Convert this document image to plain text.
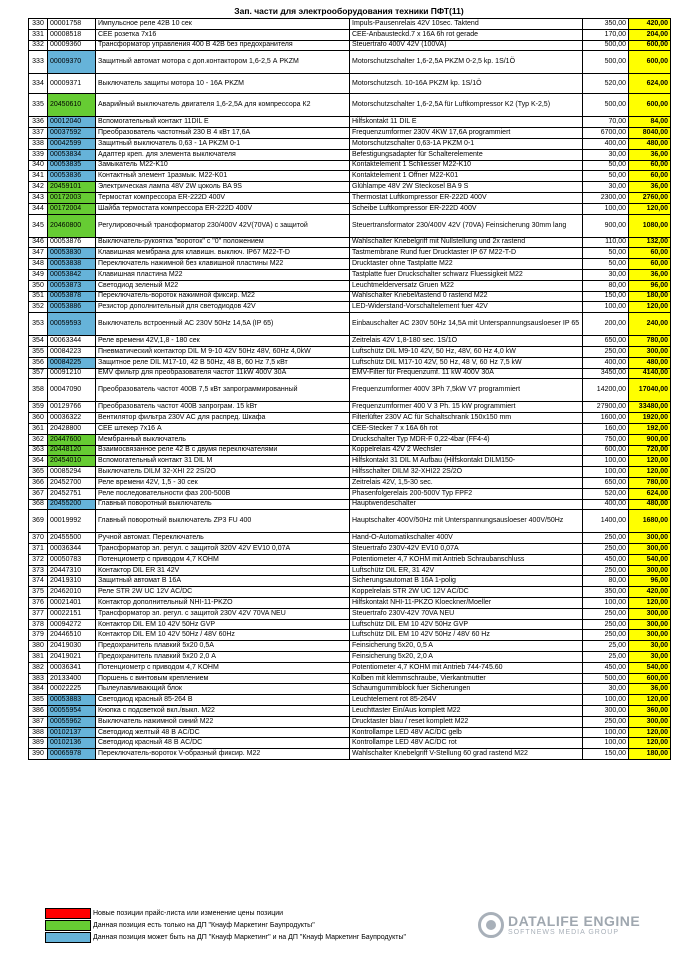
Зап. части для электрооборудования техники ПФТ(11)
330	00001758	Импульсное реле 42В 10 сек	Impuls-Pausenrelais 42V 10sec. Taktend	350,00	420,00
331	00008518	CEE розетка 7х16	CEE-Anbausteckd.7 x 16A 6h rot gerade	170,00	204,00
332	00009360	Трансформатор управления 400 В 42В без предохранителя	Steuertrafo 400V 42V (100VA)	500,00	600,00
333	00009370	Защитный автомат мотора с доп.контактором 1,6-2,5 А PKZM	Motorschutzschalter 1,6-2,5A PKZM 0-2,5 kp. 1S/1Ö	500,00	600,00
334	00009371	Выключатель защиты мотора 10 - 16А PKZM	Motorschutzsch. 10-16A PKZM kp. 1S/1Ö	520,00	624,00
335	20450610	Аварийный выключатель двигателя 1,6-2,5А для компрессора К2	Motorschutzschalter 1,6-2,5A für Luftkompressor K2 (Typ K-2,5)	500,00	600,00
336	00012040	Вспомогательный контакт 11DIL E	Hilfskontakt 11 DIL E	70,00	84,00
337	00037592	Преобразователь частотный 230 В 4 кВт 17,6А	Frequenzumformer 230V 4KW 17,6A programmiert	6700,00	8040,00
338	00042599	Защитный выключатель 0,63 - 1A PKZM 0-1	Motorschutzschalter 0,63-1A PKZM 0-1	400,00	480,00
339	00053834	Адаптер креп. для элемента выключателя	Befestigungsadapter für Schalterelemente	30,00	36,00
340	00053835	Замыкатель M22-K10	Kontaktelement 1 Schliesser M22-K10	50,00	60,00
341	00053836	Контактный элемент 1размык. M22-K01	Kontaktelement 1 Öffner M22-K01	50,00	60,00
342	20459101	Электрическая лампа 48V 2W цоколь BA 9S	Glühlampe 48V 2W Steckosel BA 9 S	30,00	36,00
343	00172003	Термостат компрессора ER-222D 400V	Thermostat Luftkompressor ER-222D 400V	2300,00	2760,00
344	00172004	Шайба термостата компрессора ER-222D 400V	Scheibe Luftkompressor ER-222D 400V	100,00	120,00
345	20460800	Регулировочный трансформатор 230/400V 42V(70VA) с защитой	Steuertransformator 230/400V 42V (70VA) Feinsicherung 30mm lang	900,00	1080,00
346	00053876	Выключатель-рукоятка "вороток" с "0" положением	Wahlschalter Knebelgriff mit Nullstellung und 2x rastend	110,00	132,00
347	00053830	Клавишная мембрана для клавишн. выключ. IP67 M22-T-D	Tastmembrane Rund fuer Drucktaster IP 67 M22-T-D	50,00	60,00
348	00053838	Переключатель нажимной без клавишной пластины M22	Drucktaster ohne Tastplatte M22	50,00	60,00
349	00053842	Клавишная пластина M22	Tastplatte fuer Druckschalter schwarz Fluessigkeit M22	30,00	36,00
350	00053873	Светодиод зеленый M22	Leuchtmelderversatz Gruen M22	80,00	96,00
351	00053878	Переключатель-вороток нажимной фиксир. M22	Wahlschalter Knebel/tastend 0 rastend M22	150,00	180,00
352	00053886	Резистор дополнительный для светодиодов 42V	LED-Widerstand-Vorschaltelement fuer 42V	100,00	120,00
353	00059593	Выключатель встроенный АС 230V 50Hz 14,5A (IP 65)	Einbauschalter AC 230V 50Hz 14,5A mit Unterspannungsausloeser IP 65	200,00	240,00
354	00063344	Реле времени 42V,1,8 - 180 сек	Zeitrelais 42V 1,8-180 sec. 1S/1Ö	650,00	780,00
355	00084223	Пневматический контактор DIL M 9-10 42V 50Hz 48V, 60Hz 4,0kW	Luftschütz DIL M9-10 42V, 50 Hz, 48V, 60 Hz 4,0 kW	250,00	300,00
356	00084225	Защитное реле DIL M17-10, 42 В 50Hz, 48 В, 60 Hz 7,5 кВт	Luftschütz DIL M17-10 42V, 50 Hz, 48 V, 60 Hz 7,5 kW	400,00	480,00
357	00091210	EMV фильтр для преобразователя частот 11kW 400V 30A	EMV-Filter für Frequenzumf. 11 kW 400V 30A	3450,00	4140,00
358	00047090	Преобразователь частот 400В 7,5 кВт запрограммированный	Frequenzumformer 400V 3Ph 7,5kW V7 programmiert	14200,00	17040,00
359	00129766	Преобразователь частот 400В запрограм. 15 kВт	Frequenzumformer 400 V 3 Ph. 15 kW programmiert	27900,00	33480,00
360	00036322	Вентилятор фильтра 230V AC для распред. Шкафа	Filterlüfter 230V AC für Schaltschrank 150x150 mm	1600,00	1920,00
361	20428800	CEE штекер 7х16 А	CEE-Stecker 7 x 16A 6h rot	160,00	192,00
362	20447600	Мембранный выключатель	Druckschalter Typ MDR-F 0,22-4bar (FF4-4)	750,00	900,00
363	20448120	Взаимосвязанное реле 42 В с двумя переключателями	Koppelrelais 42V 2 Wechsler	600,00	720,00
364	20454010	Вспомогательный контакт 31 DIL M	Hilfskontakt 31 DIL M Aufbau (Hilfskontakt DILM150-	100,00	120,00
365	00085294	Выключатель DILM 32-XHI 22 2S/2O	Hilfsschalter DILM 32-XHI22 2S/2Ö	100,00	120,00
366	20452700	Реле времени 42V, 1,5 - 30 сек	Zeitrelais 42V, 1,5-30 sec.	650,00	780,00
367	20452751	Реле последовательности фаз 200-500В	Phasenfolgerelais 200-500V Typ FPF2	520,00	624,00
368	20455200	Главный поворотный выключатель	Hauptwendeschalter	400,00	480,00
369	00019992	Главный поворотный выключатель ZP3 FU 400	Hauptschalter 400V/50Hz mit Unterspannungsausloeser 400V/50Hz	1400,00	1680,00
370	20455500	Ручной автомат. Переключатель	Hand-O-Automatikschalter 400V	250,00	300,00
371	00036344	Трансформатор эл. регул. с защитой 320V 42V EV10 0,07A	Steuertrafo 230V-42V EV10 0,07A	250,00	300,00
372	00050783	Потенциометр с приводом 4,7 KOHM	Potentiometer 4,7 KOHM mit Antrieb Schraubanschluss	450,00	540,00
373	20447310	Контактор DIL ER 31 42V	Luftschütz DIL ER, 31 42V	250,00	300,00
374	20419310	Защитный автомат В 16А	Sicherungsautomat B 16A 1-polig	80,00	96,00
375	20462010	Реле STR 2W UC 12V AC/DC	Koppelrelais STR 2W UC 12V AC/DC	350,00	420,00
376	00021401	Контактор дополнительный NHI-11-PKZO	Hilfskontakt NHI-11-PKZO Kloeckner/Moeller	100,00	120,00
377	00022151	Трансформатор эл. регул. с защитой 230V 42V 70VA NEU	Steuertrafo 230V-42V 70VA NEU	250,00	300,00
378	00094272	Контактор DIL EM 10 42V 50Hz GVP	Luftschütz DIL EM 10 42V 50Hz GVP	250,00	300,00
379	20446510	Контактор DIL EM 10 42V 50Hz / 48V 60Hz	Luftschütz DIL EM 10 42V 50Hz / 48V 60 Hz	250,00	300,00
380	20419030	Предохранитель плавкий 5х20 0,5А	Feinsicherung 5x20, 0,5 A	25,00	30,00
381	20419021	Предохранитель плавкий 5х20 2,0 А	Feinsicherung 5x20, 2,0 A	25,00	30,00
382	00036341	Потенциометр с приводом 4,7 KOHM	Potentiometer 4,7 KOHM mit Antrieb 744-745.60	450,00	540,00
383	20133400	Поршень с винтовым креплением	Kolben mit klemmschraube, Vierkantmutter	500,00	600,00
384	00022225	Пылеулавливающий блок	Schaumgummiblock fuer Sicherungen	30,00	36,00
385	00053883	Светодиод красный 85-264 В	Leuchtelement rot 85-264V	100,00	120,00
386	00055954	Кнопка с подсветкой вкл./выкл. M22	Leuchttaster Ein/Aus komplett M22	300,00	360,00
387	00055962	Выключатель нажимной синий M22	Drucktaster blau / reset komplett M22	250,00	300,00
388	00102137	Светодиод желтый 48 В AC/DC	Kontrollampe LED 48V AC/DC gelb	100,00	120,00
389	00102136	Светодиод красный 48 В AC/DC	Kontrollampe LED 48V AC/DC rot	100,00	120,00
390	00065978	Переключатель-вороток V-образный фиксир. M22	Wahlschalter Knebelgriff V-Stellung 60 grad rastend M22	150,00	180,00
Новые позиции прайс-листа или изменение цены позиции
Данная позиция есть только на ДП "Кнауф Маркетинг Баупродукты"
Данная позиция может быть на ДП "Кнауф Маркетинг" и на ДП "Кнауф Маркетинг Баупродукты"
DATALIFE ENGINE
SOFTNEWS MEDIA GROUP
